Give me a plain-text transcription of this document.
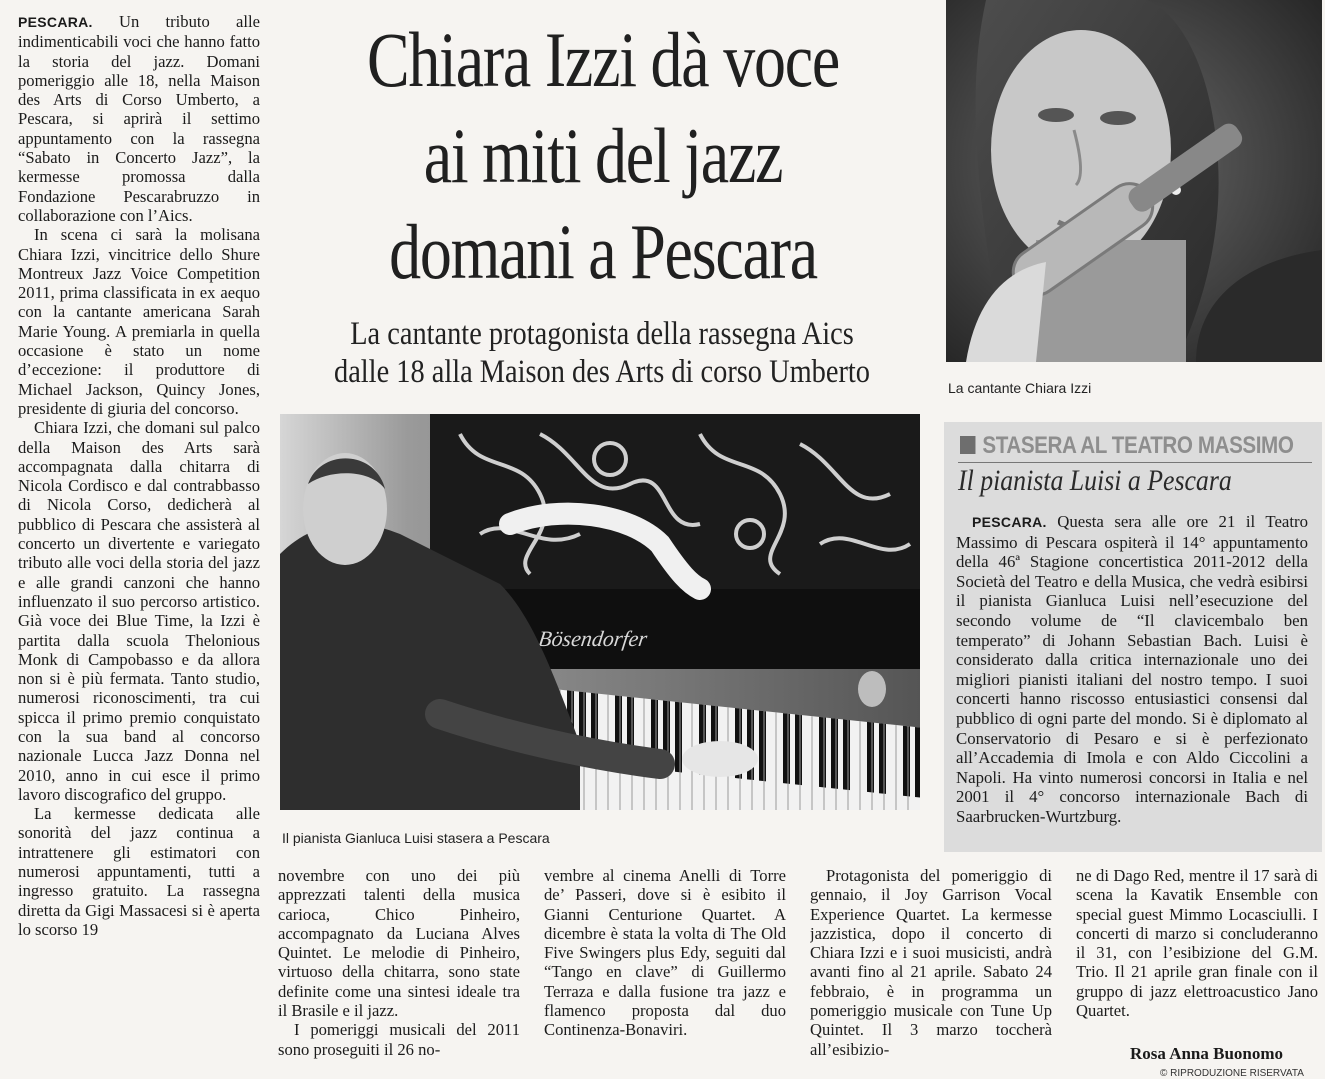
PESCARA. Un tributo alle indimenticabili voci che hanno fatto la storia del jazz. Domani pomeriggio alle 18, nella Maison des Arts di Corso Umberto, a Pescara, si aprirà il settimo appuntamento con la rassegna “Sabato in Concerto Jazz”, la kermesse promossa dalla Fondazione Pescarabruzzo in collaborazione con l’Aics.

In scena ci sarà la molisana Chiara Izzi, vincitrice dello Shure Montreux Jazz Voice Competition 2011, prima classificata in ex aequo con la cantante americana Sarah Marie Young. A premiarla in quella occasione è stato un nome d’eccezione: il produttore di Michael Jackson, Quincy Jones, presidente di giuria del concorso.

Chiara Izzi, che domani sul palco della Maison des Arts sarà accompagnata dalla chitarra di Nicola Cordisco e dal contrabbasso di Nicola Corso, dedicherà al pubblico di Pescara che assisterà al concerto un divertente e variegato tributo alle voci della storia del jazz e alle grandi canzoni che hanno influenzato il suo percorso artistico. Già voce dei Blue Time, la Izzi è partita dalla scuola Thelonious Monk di Campobasso e da allora non si è più fermata. Tanto studio, numerosi riconoscimenti, tra cui spicca il primo premio conquistato con la sua band al concorso nazionale Lucca Jazz Donna nel 2010, anno in cui esce il primo lavoro discografico del gruppo.

La kermesse dedicata alle sonorità del jazz continua a intrattenere gli estimatori con numerosi appuntamenti, tutti a ingresso gratuito. La rassegna diretta da Gigi Massacesi si è aperta lo scorso 19

Chiara Izzi dà voce
ai miti del jazz
domani a Pescara
La cantante protagonista della rassegna Aics
dalle 18 alla Maison des Arts di corso Umberto	La cantante Chiara Izzi
Bösendorfer
Il pianista Gianluca Luisi stasera a Pescara
STASERA AL TEATRO MASSIMO
Il pianista Luisi a Pescara

PESCARA. Questa sera alle ore 21 il Teatro Massimo di Pescara ospiterà il 14° appuntamento della 46ª Stagione concertistica 2011-2012 della Società del Teatro e della Musica, che vedrà esibirsi il pianista Gianluca Luisi nell’esecuzione del secondo volume de “Il clavicembalo ben temperato” di Johann Sebastian Bach. Luisi è considerato dalla critica internazionale uno dei migliori pianisti italiani del nostro tempo. I suoi concerti hanno riscosso entusiastici consensi dal pubblico di ogni parte del mondo. Si è diplomato al Conservatorio di Pesaro e si è perfezionato all’Accademia di Imola e con Aldo Ciccolini a Napoli. Ha vinto numerosi concorsi in Italia e nel 2001 il 4° concorso internazionale Bach di Saarbrucken-Wurtzburg.

novembre con uno dei più apprezzati talenti della musica carioca, Chico Pinheiro, accompagnato da Luciana Alves Quintet. Le melodie di Pinheiro, virtuoso della chitarra, sono state definite come una sintesi ideale tra il Brasile e il jazz.

I pomeriggi musicali del 2011 sono proseguiti il 26 no-

vembre al cinema Anelli di Torre de’ Passeri, dove si è esibito il Gianni Centurione Quartet. A dicembre è stata la volta di The Old Five Swingers plus Edy, seguiti dal “Tango en clave” di Guillermo Terraza e dalla fusione tra jazz e flamenco proposta dal duo Continenza-Bonaviri.

Protagonista del pomeriggio di gennaio, il Joy Garrison Vocal Experience Quartet. La kermesse jazzistica, dopo il concerto di Chiara Izzi e i suoi musicisti, andrà avanti fino al 21 aprile. Sabato 24 febbraio, è in programma un pomeriggio musicale con Tune Up Quintet. Il 3 marzo toccherà all’esibizio-

ne di Dago Red, mentre il 17 sarà di scena la Kavatik Ensemble con special guest Mimmo Locasciulli. I concerti di marzo si concluderanno il 31, con l’esibizione del G.M. Trio. Il 21 aprile gran finale con il gruppo di jazz elettroacustico Jano Quartet.

Rosa Anna Buonomo
© RIPRODUZIONE RISERVATA
